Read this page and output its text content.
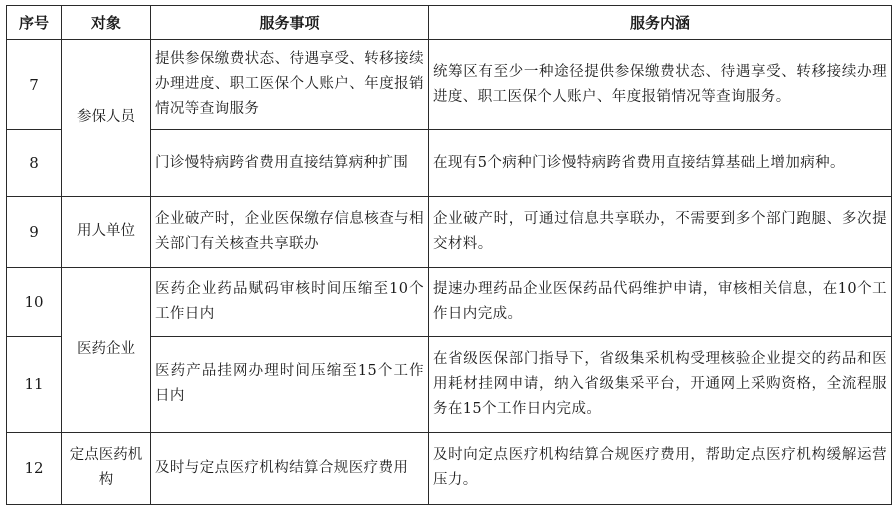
序号	对象	服务事项	服务内涵
7	参保人员	提供参保缴费状态、待遇享受、转移接续办理进度、职工医保个人账户、年度报销情况等查询服务	统筹区有至少一种途径提供参保缴费状态、待遇享受、转移接续办理进度、职工医保个人账户、年度报销情况等查询服务。
8		门诊慢特病跨省费用直接结算病种扩围	在现有5个病种门诊慢特病跨省费用直接结算基础上增加病种。
9	用人单位	企业破产时，企业医保缴存信息核查与相关部门有关核查共享联办	企业破产时，可通过信息共享联办，不需要到多个部门跑腿、多次提交材料。
10	医药企业	医药企业药品赋码审核时间压缩至10个工作日内	提速办理药品企业医保药品代码维护申请，审核相关信息，在10个工作日内完成。
11		医药产品挂网办理时间压缩至15个工作日内	在省级医保部门指导下，省级集采机构受理核验企业提交的药品和医用耗材挂网申请，纳入省级集采平台，开通网上采购资格，全流程服务在15个工作日内完成。
12	定点医药机构	及时与定点医疗机构结算合规医疗费用	及时向定点医疗机构结算合规医疗费用，帮助定点医疗机构缓解运营压力。
